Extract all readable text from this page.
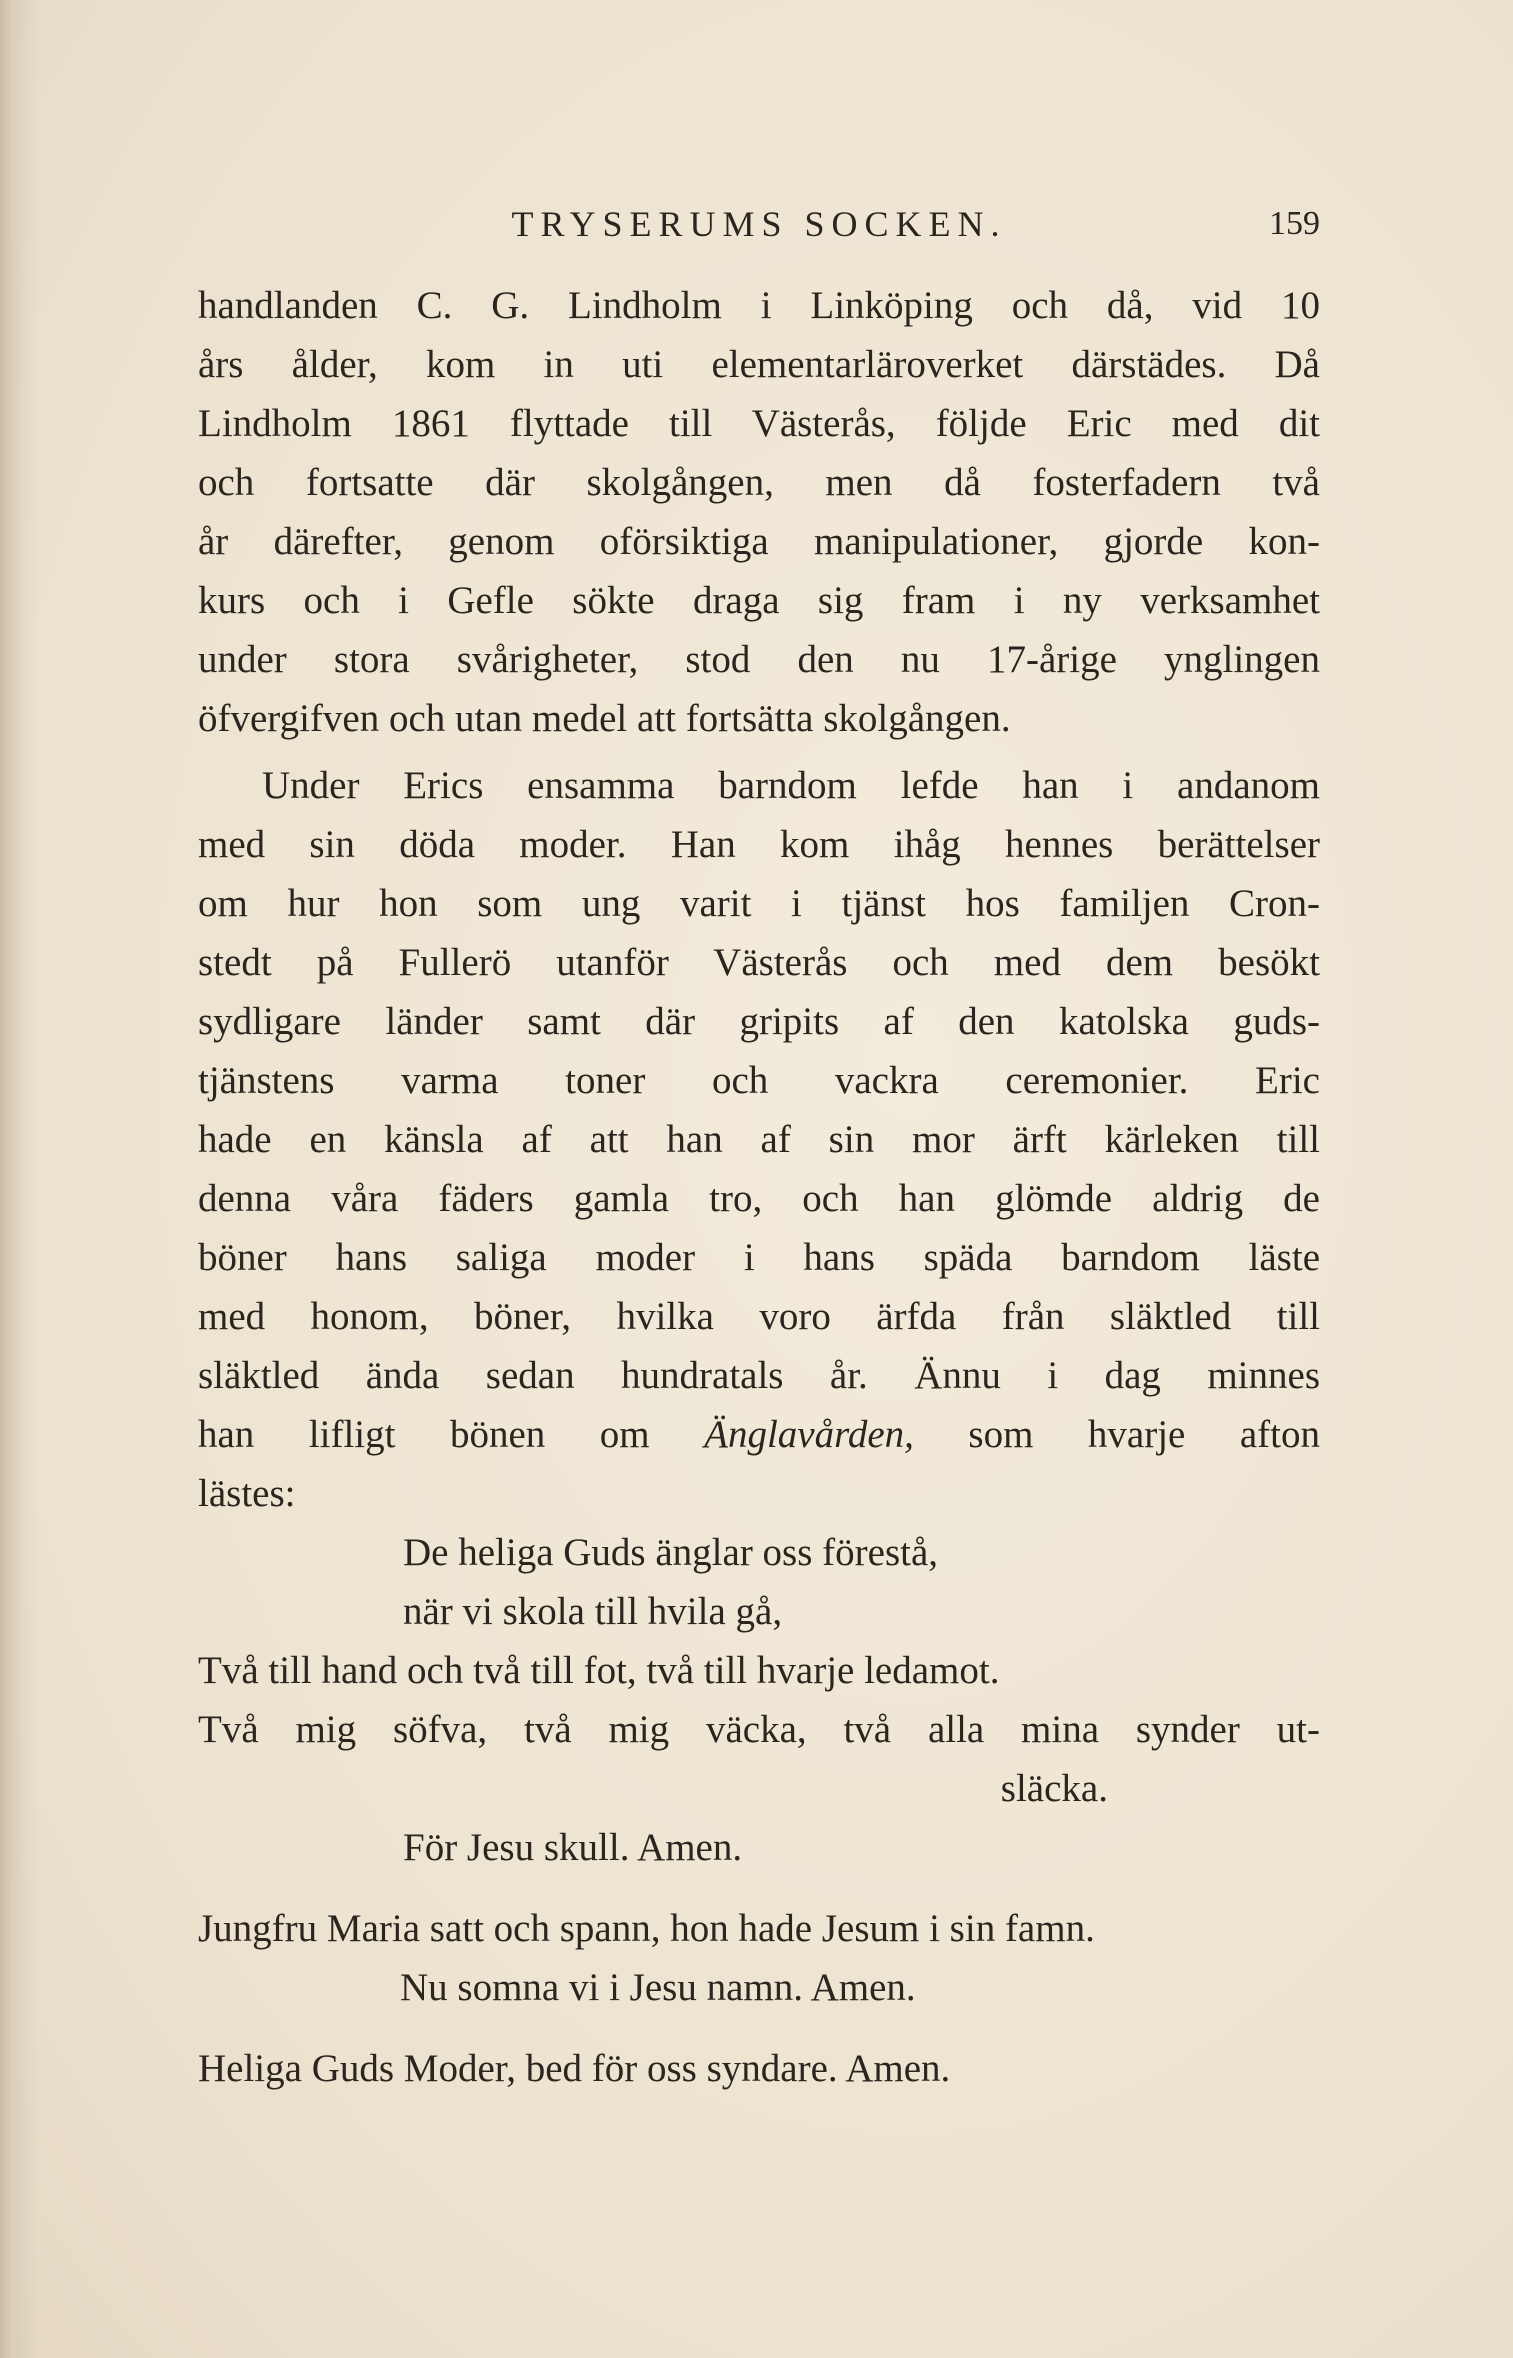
TRYSERUMS SOCKEN.	159
handlanden C. G. Lindholm i Linköping och då, vid 10
års ålder, kom in uti elementarläroverket därstädes. Då
Lindholm 1861 flyttade till Västerås, följde Eric med dit
och fortsatte där skolgången, men då fosterfadern två
år därefter, genom oförsiktiga manipulationer, gjorde kon-
kurs och i Gefle sökte draga sig fram i ny verksamhet
under stora svårigheter, stod den nu 17-årige ynglingen
öfvergifven och utan medel att fortsätta skolgången.
Under Erics ensamma barndom lefde han i andanom
med sin döda moder. Han kom ihåg hennes berättelser
om hur hon som ung varit i tjänst hos familjen Cron-
stedt på Fullerö utanför Västerås och med dem besökt
sydligare länder samt där gripits af den katolska guds-
tjänstens varma toner och vackra ceremonier. Eric
hade en känsla af att han af sin mor ärft kärleken till
denna våra fäders gamla tro, och han glömde aldrig de
böner hans saliga moder i hans späda barndom läste
med honom, böner, hvilka voro ärfda från släktled till
släktled ända sedan hundratals år. Ännu i dag minnes
han lifligt bönen om Änglavården, som hvarje afton
lästes:
De heliga Guds änglar oss förestå,
när vi skola till hvila gå,
Två till hand och två till fot, två till hvarje ledamot.
Två mig söfva, två mig väcka, två alla mina synder ut-
släcka.
För Jesu skull. Amen.
Jungfru Maria satt och spann, hon hade Jesum i sin famn.
Nu somna vi i Jesu namn. Amen.
Heliga Guds Moder, bed för oss syndare. Amen.
